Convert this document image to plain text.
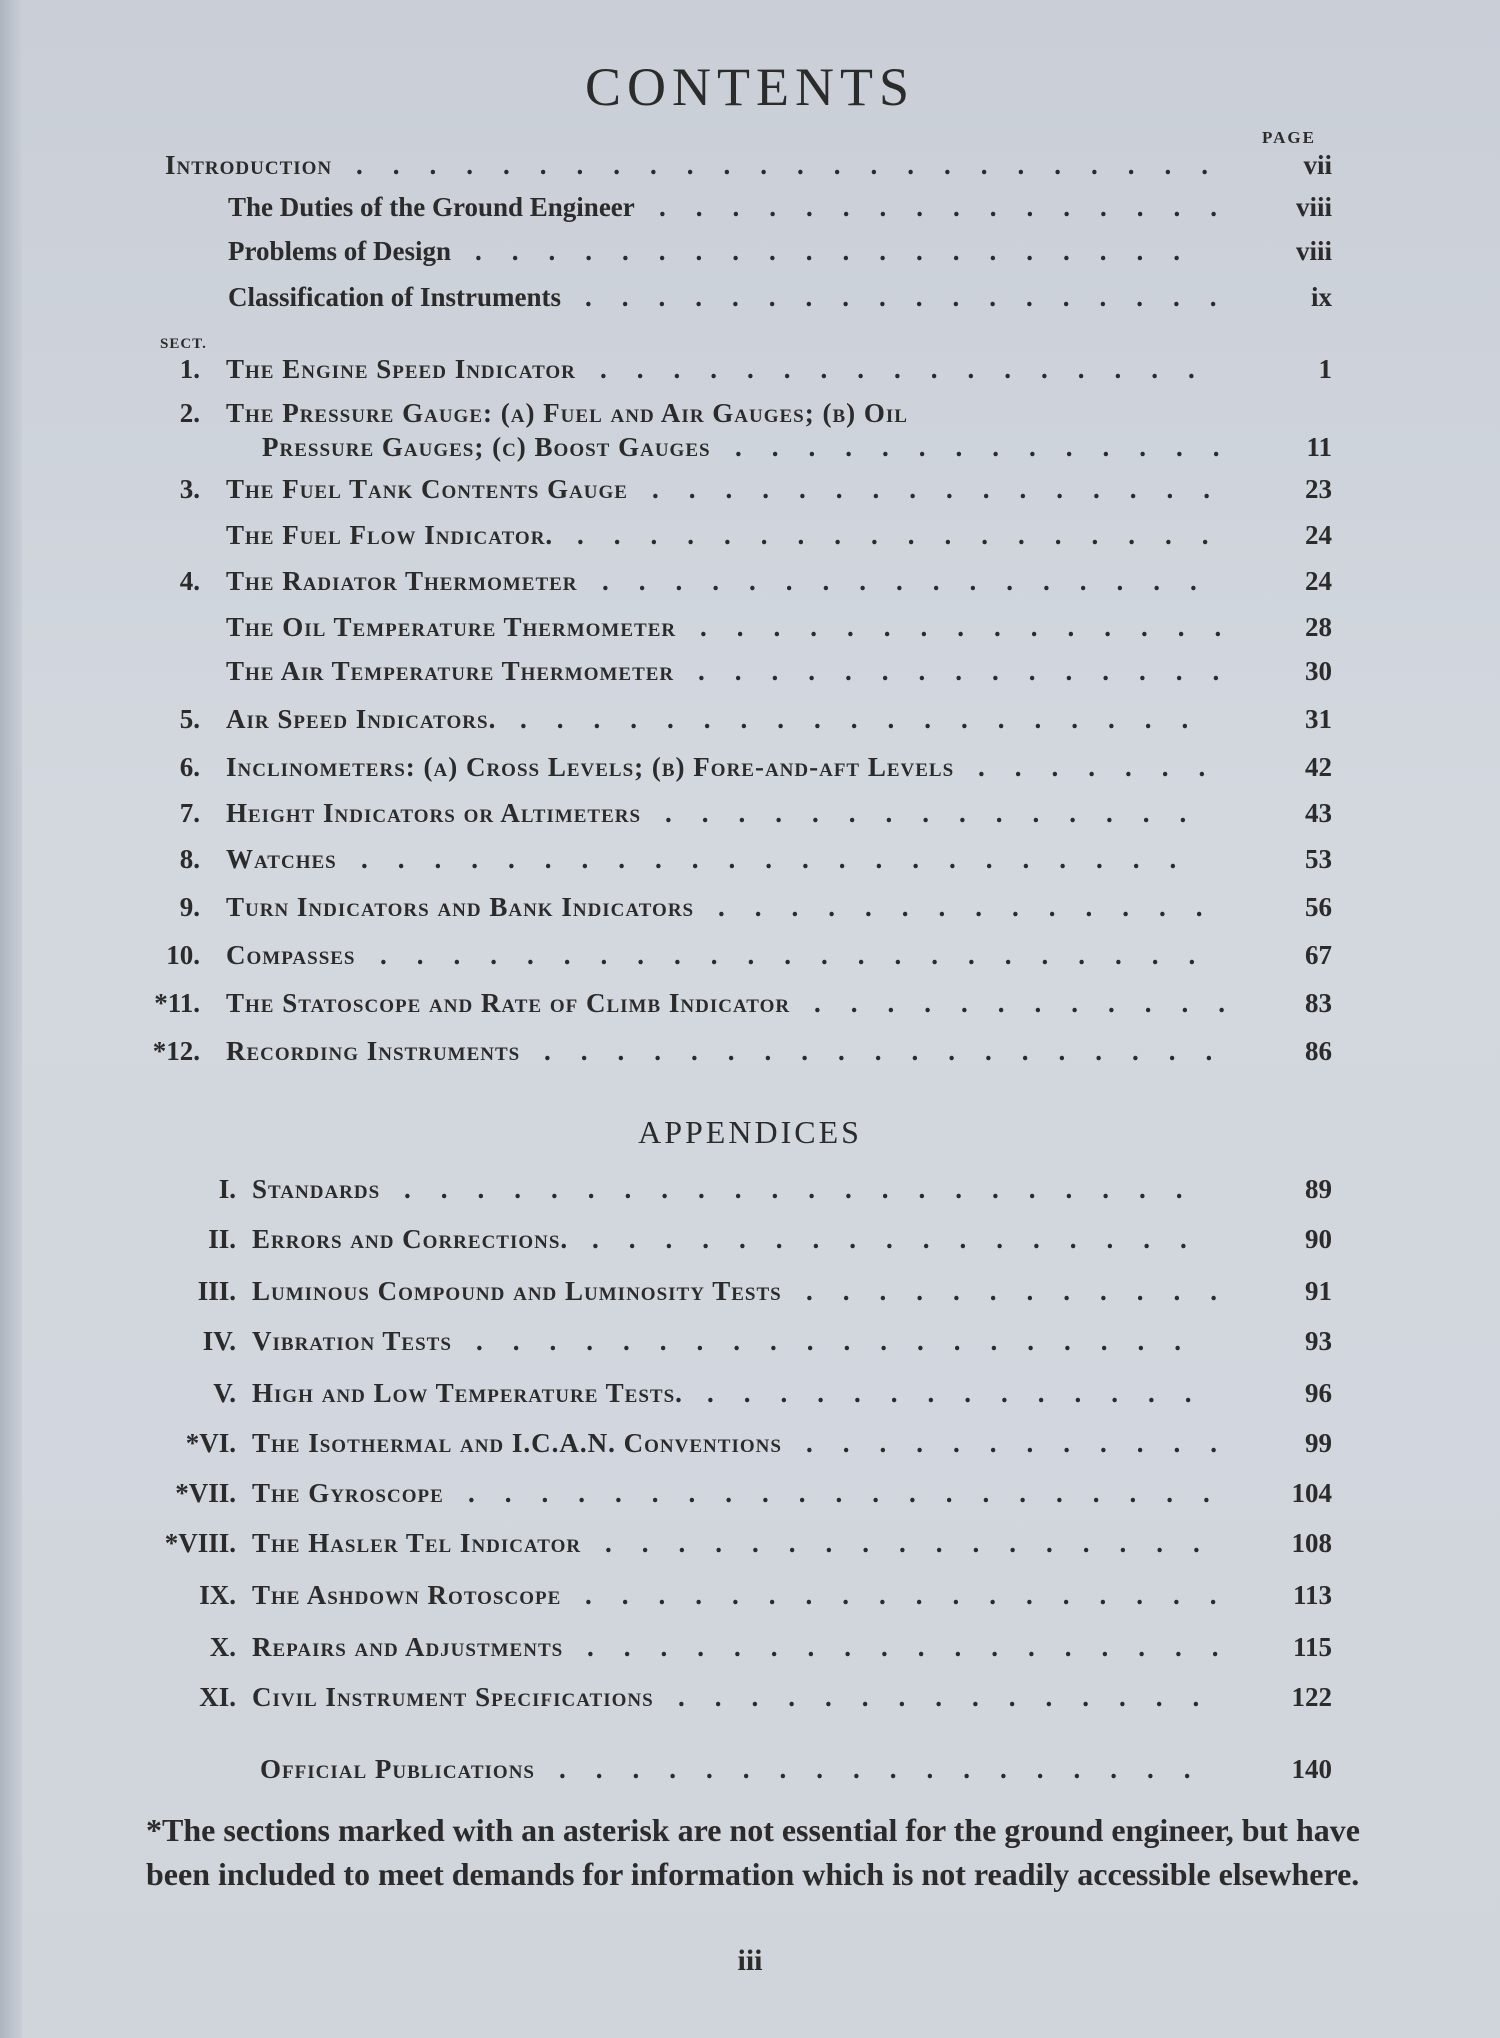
CONTENTS
PAGE
SECT.
Introduction ........................	vii
The Duties of the Ground Engineer ................	viii
Problems of Design ....................	viii
Classification of Instruments ..................	ix
1. The Engine Speed Indicator .................	1
2. The Pressure Gauge: (a) Fuel and Air Gauges; (b) Oil
Pressure Gauges; (c) Boost Gauges ..............	11
3. The Fuel Tank Contents Gauge ................	23
The Fuel Flow Indicator. ..................	24
4. The Radiator Thermometer .................	24
The Oil Temperature Thermometer ...............	28
The Air Temperature Thermometer ...............	30
5. Air Speed Indicators. ...................	31
6. Inclinometers: (a) Cross Levels; (b) Fore-and-aft Levels .......	42
7. Height Indicators or Altimeters ...............	43
8. Watches .......................	53
9. Turn Indicators and Bank Indicators ..............	56
10. Compasses .......................	67
*11. The Statoscope and Rate of Climb Indicator ............	83
*12. Recording Instruments ...................	86
APPENDICES
I. Standards ......................	89
II. Errors and Corrections. .................	90
III. Luminous Compound and Luminosity Tests ............	91
IV. Vibration Tests ....................	93
V. High and Low Temperature Tests. ..............	96
*VI. The Isothermal and I.C.A.N. Conventions ............	99
*VII. The Gyroscope .....................	104
*VIII. The Hasler Tel Indicator .................	108
IX. The Ashdown Rotoscope ..................	113
X. Repairs and Adjustments ..................	115
XI. Civil Instrument Specifications ...............	122
Official Publications ..................	140
*The sections marked with an asterisk are not essential for the ground engineer, but have been included to meet demands for information which is not readily accessible elsewhere.
iii
